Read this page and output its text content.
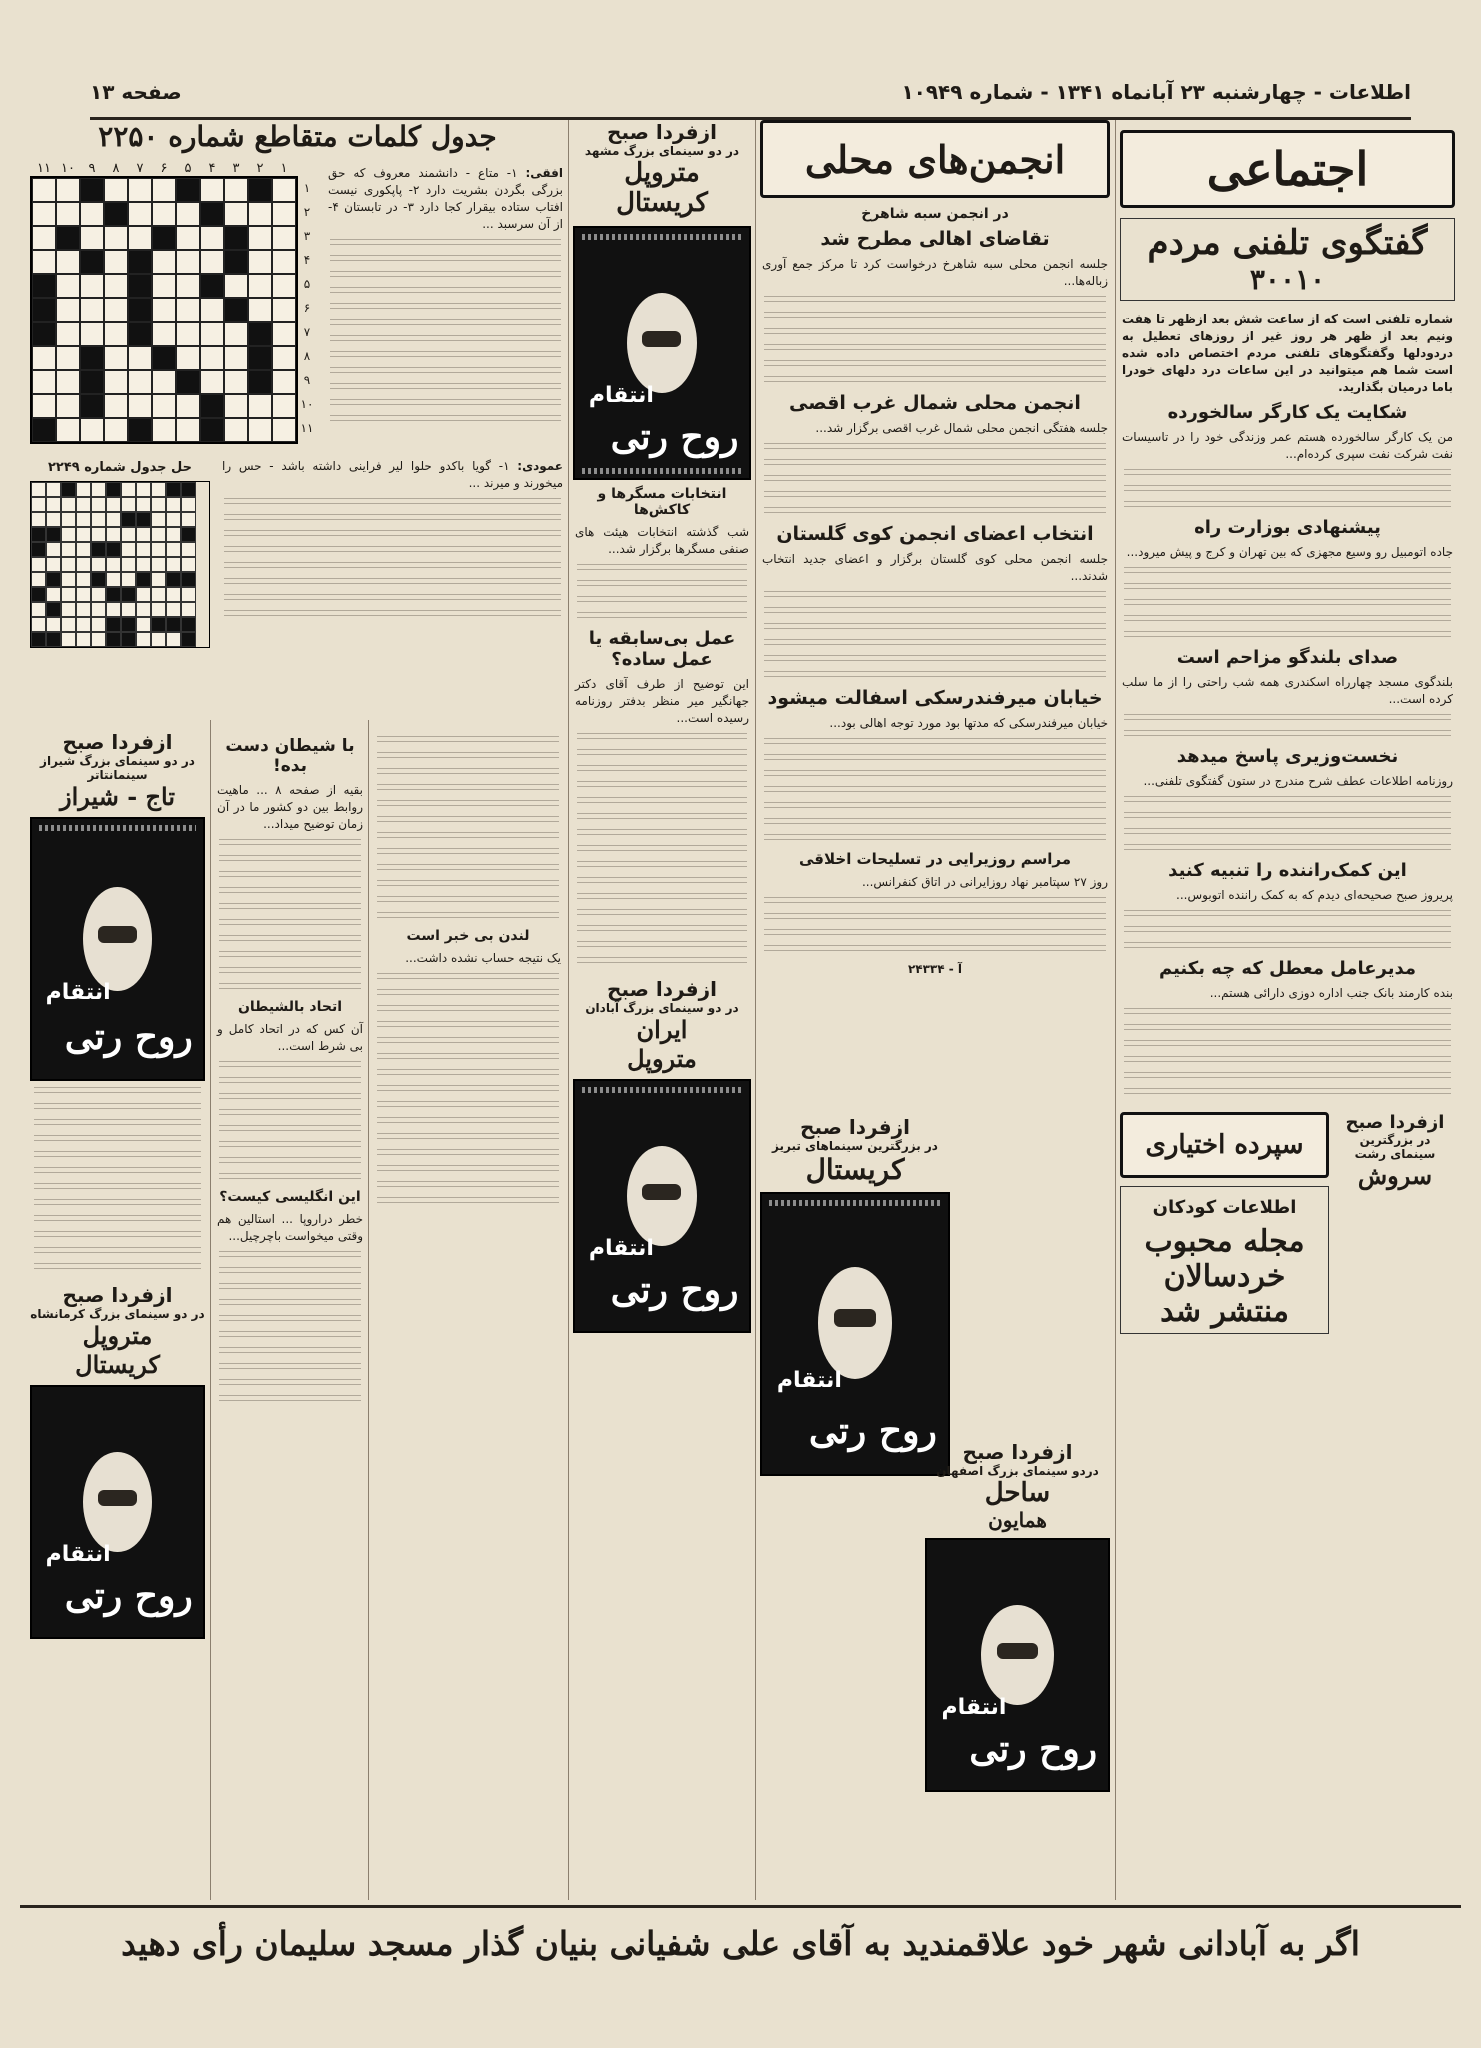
اطلاعات - چهارشنبه ۲۳ آبانماه ۱۳۴۱ - شماره ۱۰۹۴۹
صفحه ۱۳
اجتماعی
گفتگوی تلفنی مردم
۳۰۰۱۰
شماره تلفنی است که از ساعت شش بعد ازظهر تا هفت ونیم بعد از ظهر هر روز غیر از روزهای تعطیل به دردودلها وگفتگوهای تلفنی مردم اختصاص داده شده است شما هم میتوانید در این ساعات درد دلهای خودرا باما درمیان بگذارید.
شکایت یک کارگر سالخورده
من یک کارگر سالخورده هستم عمر وزندگی خود را در تاسیسات نفت شرکت نفت سپری کرده‌ام...
پیشنهادی بوزارت راه
جاده اتومبیل رو وسیع مجهزی که بین تهران و کرج و پیش میرود...
صدای بلندگو مزاحم است
بلندگوی مسجد چهارراه اسکندری همه شب راحتی را از ما سلب کرده است...
نخست‌وزیری پاسخ میدهد
روزنامه اطلاعات عطف شرح مندرج در ستون گفتگوی تلفنی...
این کمک‌راننده را تنبیه کنید
پریروز صبح صحیحه‌ای دیدم که به کمک راننده اتوبوس...
مدیرعامل معطل که چه بکنیم
بنده کارمند بانک جنب اداره دوزی دارائی هستم...
ازفردا صبح
در بزرگترین سینمای رشت
سروش
سپرده اختیاری
اطلاعات کودکان
مجله محبوب
خردسالان
منتشر شد
انجمن‌های محلی
در انجمن سبه شاهرخ
تقاضای اهالی مطرح شد
جلسه انجمن محلی سبه شاهرخ درخواست کرد تا مرکز جمع آوری زباله‌ها...
انجمن محلی شمال غرب اقصی
جلسه هفتگی انجمن محلی شمال غرب اقصی برگزار شد...
انتخاب اعضای انجمن کوی گلستان
جلسه انجمن محلی کوی گلستان برگزار و اعضای جدید انتخاب شدند...
خیابان میرفندرسکی اسفالت میشود
خیابان میرفندرسکی که مدتها بود مورد توجه اهالی بود...
مراسم روزیرایی در تسلیحات اخلاقی
روز ۲۷ سپتامبر نهاد روزایرانی در اتاق کنفرانس...
آ - ۲۴۳۳۴
ازفردا صبح
در دو سینمای بزرگ مشهد
متروپل
کریستال
انتقام
روح رتی
انتخابات مسگرها و کاکش‌ها
شب گذشته انتخابات هیئت های صنفی مسگرها برگزار شد...
عمل بی‌سابقه یا عمل ساده؟
این توضیح از طرف آقای دکتر جهانگیر میر منظر بدفتر روزنامه رسیده است...
ازفردا صبح
در دو سینمای بزرگ آبادان
ایران
متروپل
انتقام
روح رتی
ازفردا صبح
در بزرگترین سینماهای تبریز
کریستال
انتقام
روح رتی
ازفردا صبح
دردو سینمای بزرگ اصفهان
ساحل
همایون
انتقام
روح رتی
جدول کلمات متقاطع شماره ۲۲۵۰
افقی: ۱- متاع - دانشمند معروف که حق بزرگی بگردن بشریت دارد ۲- پاپکوری نیست افتاب ستاده بیقرار کجا دارد ۳- در تابستان ۴- از آن سرسبد ...
۱
۲
۳
۴
۵
۶
۷
۸
۹
۱۰
۱۱
۱
۲
۳
۴
۵
۶
۷
۸
۹
۱۰
۱۱
عمودی: ۱- گویا باکدو حلوا لیر فراینی داشته باشد - حس را میخورند و میرند ...
حل جدول شماره ۲۲۴۹
با شیطان دست بده!
بقیه از صفحه ۸ ... ماهیت روابط بین دو کشور ما در آن زمان توضیح میداد...
اتحاد بالشیطان
آن کس که در اتحاد کامل و بی شرط است...
این انگلیسی کیست؟
خطر دراروپا ... استالین هم وقتی میخواست باچرچیل...
لندن بی خبر است
یک نتیجه حساب نشده داشت...
ازفردا صبح
در دو سینمای بزرگ شیراز
سینمانتاتر
تاج - شیراز
انتقام
روح رتی
ازفردا صبح
در دو سینمای بزرگ کرمانشاه
متروپل
کریستال
انتقام
روح رتی
اگر به آبادانی شهر خود علاقمندید به آقای علی شفیانی بنیان گذار مسجد سلیمان رأی دهید
